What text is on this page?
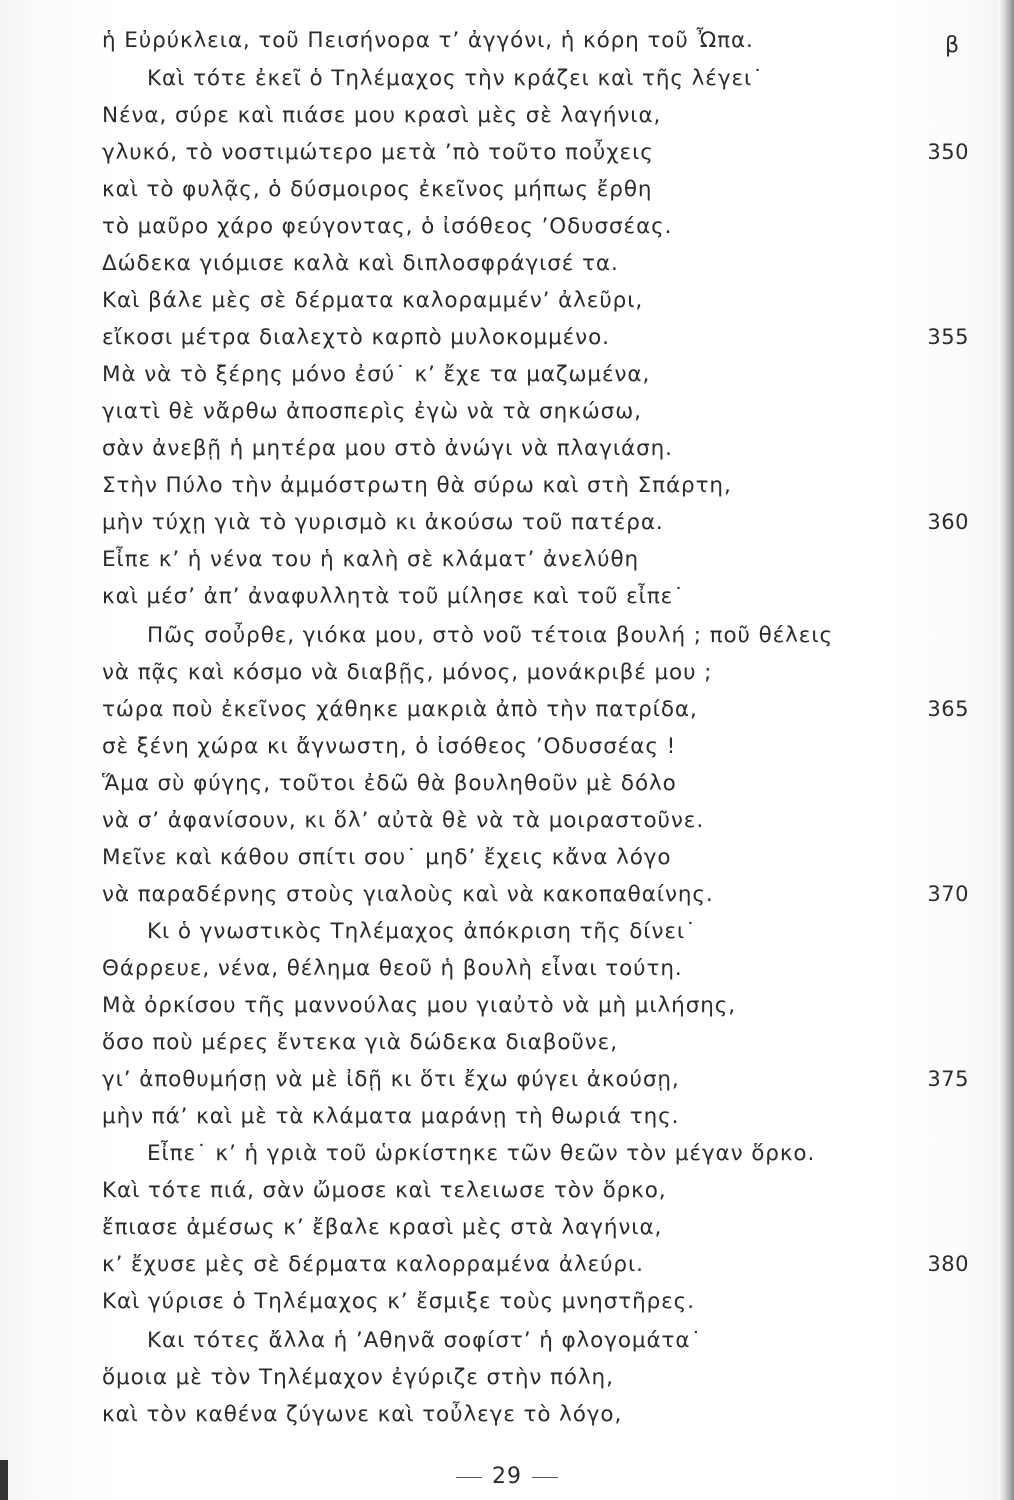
ἡ Εὐρύκλεια, τοῦ Πεισήνορα τ’ ἀγγόνι, ἡ κόρη τοῦ Ὦπα.
Καὶ τότε ἐκεῖ ὁ Τηλέμαχος τὴν κράζει καὶ τῆς λέγει˙
Νένα, σύρε καὶ πιάσε μου κρασὶ μὲς σὲ λαγήνια,
γλυκό, τὸ νοστιμώτερο μετὰ ’πὸ τοῦτο ποὖχεις
καὶ τὸ φυλᾷς, ὁ δύσμοιρος ἐκεῖνος μήπως ἔρθη
τὸ μαῦρο χάρο φεύγοντας, ὁ ἰσόθεος ’Οδυσσέας.
Δώδεκα γιόμισε καλὰ καὶ διπλοσφράγισέ τα.
Καὶ βάλε μὲς σὲ δέρματα καλοραμμέν’ ἀλεῦρι,
εἴκοσι μέτρα διαλεχτὸ καρπὸ μυλοκομμένο.
Μὰ νὰ τὸ ξέρης μόνο ἐσύ˙ κ’ ἔχε τα μαζωμένα,
γιατὶ θὲ νἄρθω ἀποσπερὶς ἐγὼ νὰ τὰ σηκώσω,
σὰν ἀνεβῇ ἡ μητέρα μου στὸ ἀνώγι νὰ πλαγιάση.
Στὴν Πύλο τὴν ἀμμόστρωτη θὰ σύρω καὶ στὴ Σπάρτη,
μὴν τύχῃ γιὰ τὸ γυρισμὸ κι ἀκούσω τοῦ πατέρα.
Εἶπε κ’ ἡ νένα του ἡ καλὴ σὲ κλάματ’ ἀνελύθη
καὶ μέσ’ ἀπ’ ἀναφυλλητὰ τοῦ μίλησε καὶ τοῦ εἶπε˙
Πῶς σοὖρθε, γιόκα μου, στὸ νοῦ τέτοια βουλή ; ποῦ θέλεις
νὰ πᾷς καὶ κόσμο νὰ διαβῇς, μόνος, μονάκριβέ μου ;
τώρα ποὺ ἐκεῖνος χάθηκε μακριὰ ἀπὸ τὴν πατρίδα,
σὲ ξένη χώρα κι ἄγνωστη, ὁ ἰσόθεος ’Οδυσσέας !
Ἅμα σὺ φύγης, τοῦτοι ἐδῶ θὰ βουληθοῦν μὲ δόλο
νὰ σ’ ἀφανίσουν, κι ὅλ’ αὐτὰ θὲ νὰ τὰ μοιραστοῦνε.
Μεῖνε καὶ κάθου σπίτι σου˙ μηδ’ ἔχεις κἄνα λόγο
νὰ παραδέρνης στοὺς γιαλοὺς καὶ νὰ κακοπαθαίνης.
Κι ὁ γνωστικὸς Τηλέμαχος ἀπόκριση τῆς δίνει˙
Θάρρευε, νένα, θέλημα θεοῦ ἡ βουλὴ εἶναι τούτη.
Μὰ ὀρκίσου τῆς μαννούλας μου γιαὐτὸ νὰ μὴ μιλήσης,
ὅσο ποὺ μέρες ἔντεκα γιὰ δώδεκα διαβοῦνε,
γι’ ἀποθυμήσῃ νὰ μὲ ἰδῇ κι ὅτι ἔχω φύγει ἀκούσῃ,
μὴν πά’ καὶ μὲ τὰ κλάματα μαράνῃ τὴ θωριά της.
Εἶπε˙ κ’ ἡ γριὰ τοῦ ὡρκίστηκε τῶν θεῶν τὸν μέγαν ὅρκο.
Καὶ τότε πιά, σὰν ὤμοσε καὶ τελειωσε τὸν ὅρκο,
ἔπιασε ἀμέσως κ’ ἔβαλε κρασὶ μὲς στὰ λαγήνια,
κ’ ἔχυσε μὲς σὲ δέρματα καλορραμένα ἀλεύρι.
Καὶ γύρισε ὁ Τηλέμαχος κ’ ἔσμιξε τοὺς μνηστῆρες.
Και τότες ἄλλα ἡ ’Αθηνᾶ σοφίστ’ ἡ φλογομάτα˙
ὅμοια μὲ τὸν Τηλέμαχον ἐγύριζε στὴν πόλη,
καὶ τὸν καθένα ζύγωνε καὶ τοὖλεγε τὸ λόγο,
β
350
355
360
365
370
375
380
29
